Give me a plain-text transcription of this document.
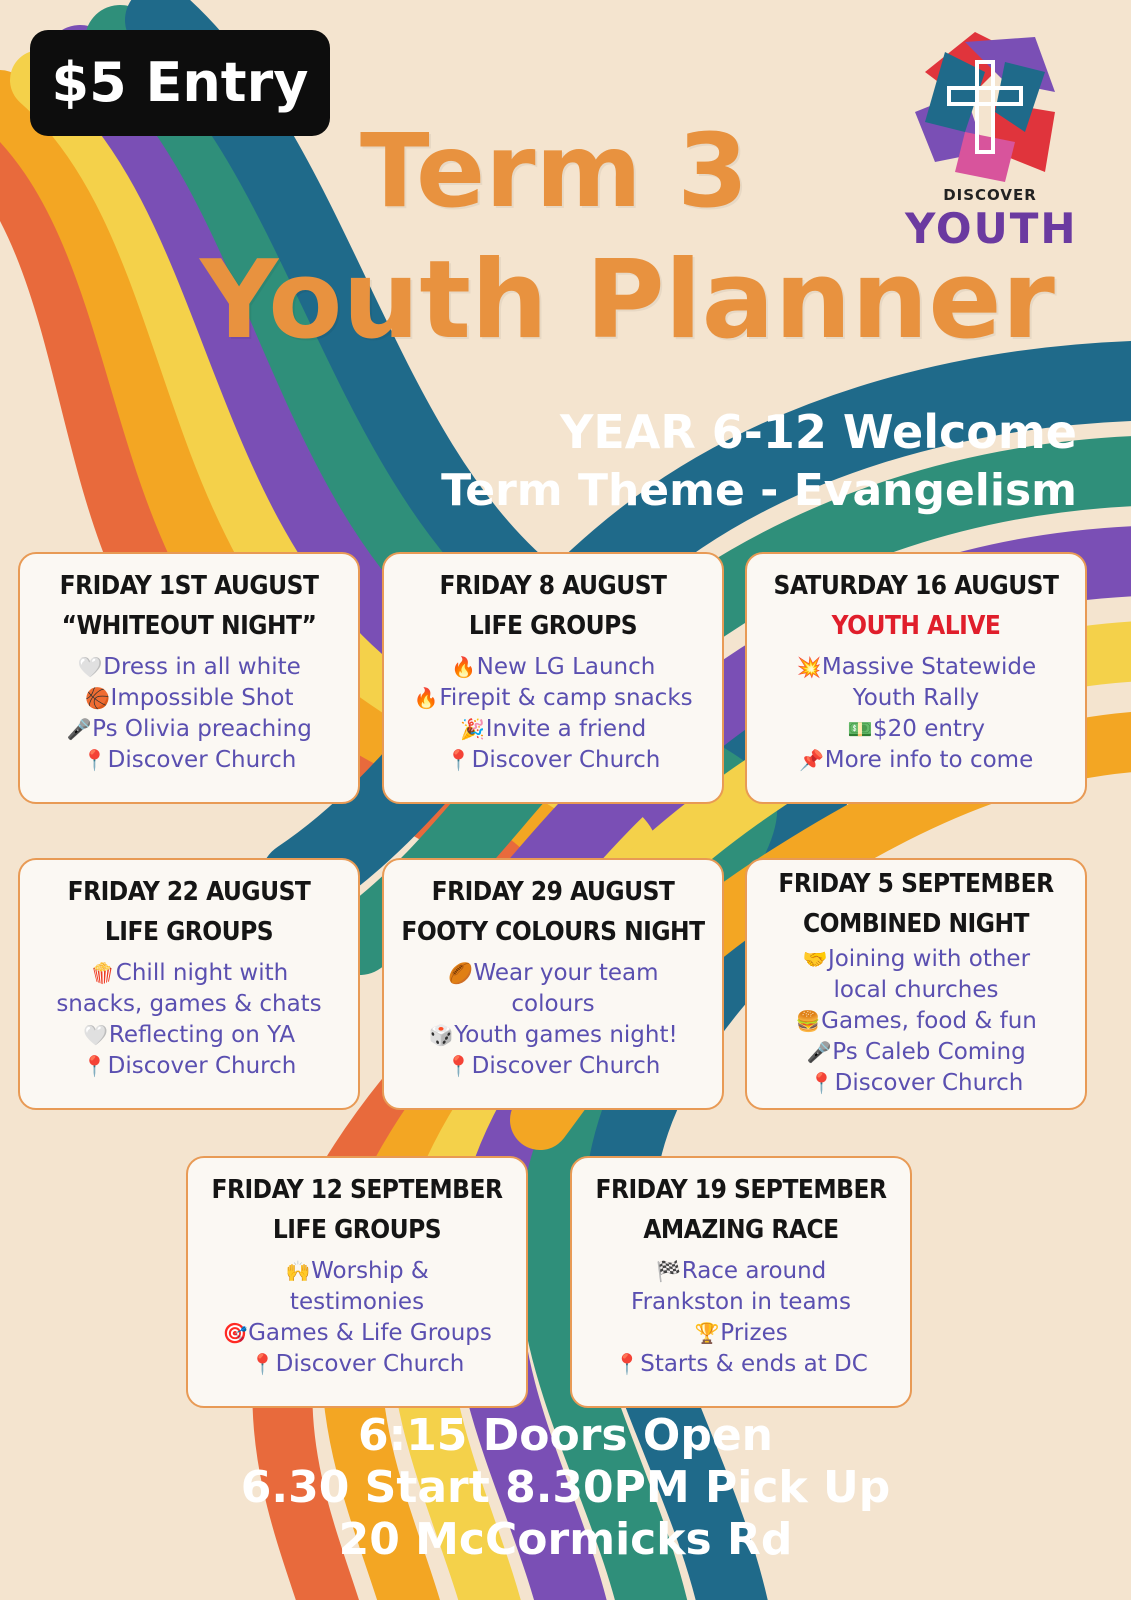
$5 Entry
Term 3
Youth Planner
DISCOVER
YOUTH
YEAR 6-12 Welcome
Term Theme - Evangelism
FRIDAY 1ST AUGUST
“WHITEOUT NIGHT”
🤍Dress in all white
🏀Impossible Shot
🎤Ps Olivia preaching
📍Discover Church
FRIDAY 8 AUGUST
LIFE GROUPS
🔥New LG Launch
🔥Firepit & camp snacks
🎉Invite a friend
📍Discover Church
SATURDAY 16 AUGUST
YOUTH ALIVE
💥Massive Statewide
Youth Rally
💵$20 entry
📌More info to come
FRIDAY 22 AUGUST
LIFE GROUPS
🍿Chill night with
snacks, games & chats
🤍Reflecting on YA
📍Discover Church
FRIDAY 29 AUGUST
FOOTY COLOURS NIGHT
🏉Wear your team
colours
🎲Youth games night!
📍Discover Church
FRIDAY 5 SEPTEMBER
COMBINED NIGHT
🤝Joining with other
local churches
🍔Games, food & fun
🎤Ps Caleb Coming
📍Discover Church
FRIDAY 12 SEPTEMBER
LIFE GROUPS
🙌Worship &
testimonies
🎯Games & Life Groups
📍Discover Church
FRIDAY 19 SEPTEMBER
AMAZING RACE
🏁Race around
Frankston in teams
🏆Prizes
📍Starts & ends at DC
6:15 Doors Open
6.30 Start 8.30PM Pick Up
20 McCormicks Rd
